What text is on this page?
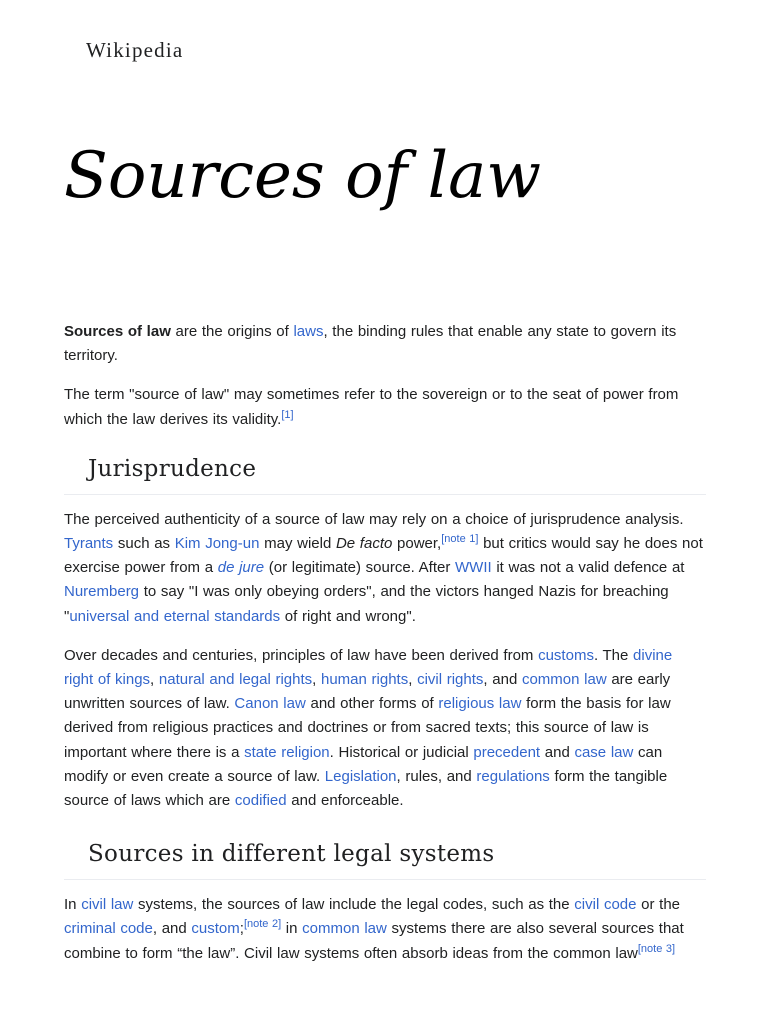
Wikipedia
Sources of law

Sources of law are the origins of laws, the binding rules that enable any state to govern its territory.

The term "source of law" may sometimes refer to the sovereign or to the seat of power from which the law derives its validity.[1]

Jurisprudence

The perceived authenticity of a source of law may rely on a choice of jurisprudence analysis. Tyrants such as Kim Jong-un may wield De facto power,[note 1] but critics would say he does not exercise power from a de jure (or legitimate) source. After WWII it was not a valid defence at Nuremberg to say "I was only obeying orders", and the victors hanged Nazis for breaching "universal and eternal standards of right and wrong".

Over decades and centuries, principles of law have been derived from customs. The divine right of kings, natural and legal rights, human rights, civil rights, and common law are early unwritten sources of law. Canon law and other forms of religious law form the basis for law derived from religious practices and doctrines or from sacred texts; this source of law is important where there is a state religion. Historical or judicial precedent and case law can modify or even create a source of law. Legislation, rules, and regulations form the tangible source of laws which are codified and enforceable.

Sources in different legal systems

In civil law systems, the sources of law include the legal codes, such as the civil code or the criminal code, and custom;[note 2] in common law systems there are also several sources that combine to form “the law”. Civil law systems often absorb ideas from the common law[note 3]
